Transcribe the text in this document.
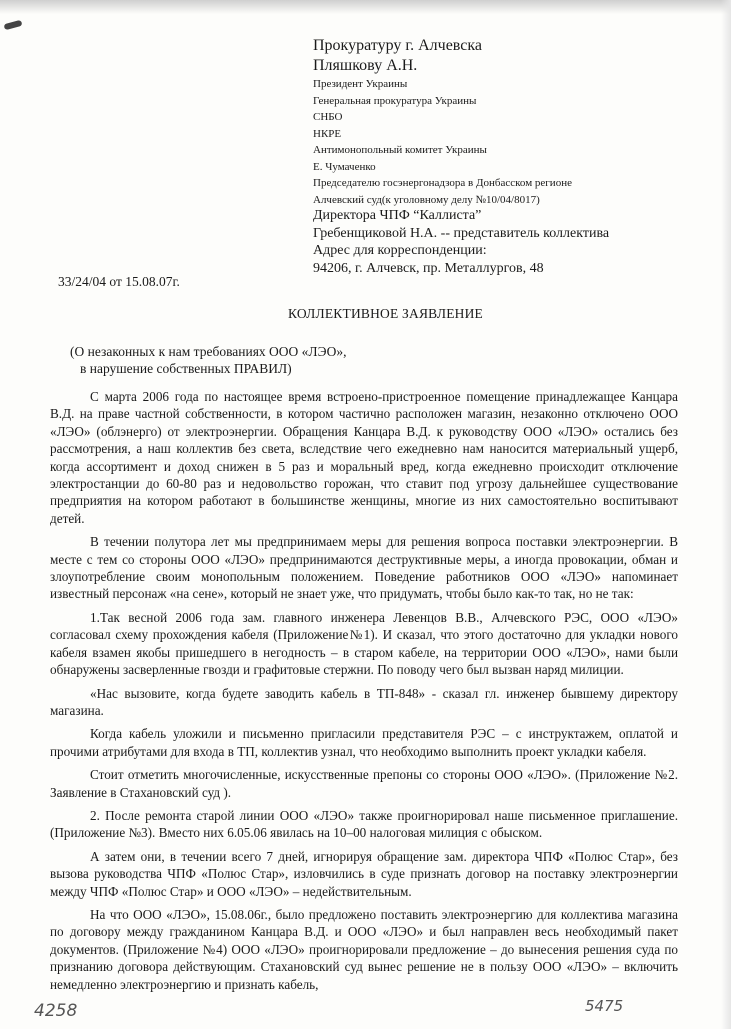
Прокуратуру г. Алчевска
Пляшкову А.Н.
Президент Украины
Генеральная прокуратура Украины
СНБО
НКРЕ
Антимонопольный комитет Украины
Е. Чумаченко
Председателю госэнергонадзора в Донбасском регионе
Алчевский суд(к уголовному делу №10/04/8017)
Директора ЧПФ “Каллиста”
Гребенщиковой Н.А. -- представитель коллектива
Адрес для корреспонденции:
94206, г. Алчевск, пр. Металлургов, 48
33/24/04 от 15.08.07г.
КОЛЛЕКТИВНОЕ ЗАЯВЛЕНИЕ
(О незаконных к нам требованиях ООО «ЛЭО»,
в нарушение собственных ПРАВИЛ)

С марта 2006 года по настоящее время встроено-пристроенное помещение принадлежащее Канцара В.Д. на праве частной собственности, в котором частично расположен магазин, незаконно отключено ООО «ЛЭО» (облэнерго) от электроэнергии. Обращения Канцара В.Д. к руководству ООО «ЛЭО» остались без рассмотрения, а наш коллектив без света, вследствие чего ежедневно нам наносится материальный ущерб, когда ассортимент и доход снижен в 5 раз и моральный вред, когда ежедневно происходит отключение электростанции до 60-80 раз и недовольство горожан, что ставит под угрозу дальнейшее существование предприятия на котором работают в большинстве женщины, многие из них самостоятельно воспитывают детей.

В течении полутора лет мы предпринимаем меры для решения вопроса поставки электроэнергии. В месте с тем со стороны ООО «ЛЭО» предпринимаются деструктивные меры, а иногда провокации, обман и злоупотребление своим монопольным положением. Поведение работников ООО «ЛЭО» напоминает известный персонаж «на сене», который не знает уже, что придумать, чтобы было как-то так, но не так:

1.Так весной 2006 года зам. главного инженера Левенцов В.В., Алчевского РЭС, ООО «ЛЭО» согласовал схему прохождения кабеля (Приложение№1). И сказал, что этого достаточно для укладки нового кабеля взамен якобы пришедшего в негодность – в старом кабеле, на территории ООО «ЛЭО», нами были обнаружены засверленные гвозди и графитовые стержни. По поводу чего был вызван наряд милиции.

«Нас вызовите, когда будете заводить кабель в ТП-848» - сказал гл. инженер бывшему директору магазина.

Когда кабель уложили и письменно пригласили представителя РЭС – с инструктажем, оплатой и прочими атрибутами для входа в ТП, коллектив узнал, что необходимо выполнить проект укладки кабеля.

Стоит отметить многочисленные, искусственные препоны со стороны ООО «ЛЭО». (Приложение №2. Заявление в Стахановский суд ).

2. После ремонта старой линии ООО «ЛЭО» также проигнорировал наше письменное приглашение. (Приложение №3). Вместо них 6.05.06 явилась на 10–00 налоговая милиция с обыском.

А затем они, в течении всего 7 дней, игнорируя обращение зам. директора ЧПФ «Полюс Стар», без вызова руководства ЧПФ «Полюс Стар», изловчились в суде признать договор на поставку электроэнергии между ЧПФ «Полюс Стар» и ООО «ЛЭО» – недействительным.

На что ООО «ЛЭО», 15.08.06г., было предложено поставить электроэнергию для коллектива магазина по договору между гражданином Канцара В.Д. и ООО «ЛЭО» и был направлен весь необходимый пакет документов. (Приложение №4) ООО «ЛЭО» проигнорировали предложение – до вынесения решения суда по признанию договора действующим. Стахановский суд вынес решение не в пользу ООО «ЛЭО» – включить немедленно электроэнергию и признать кабель,

4258	5475
